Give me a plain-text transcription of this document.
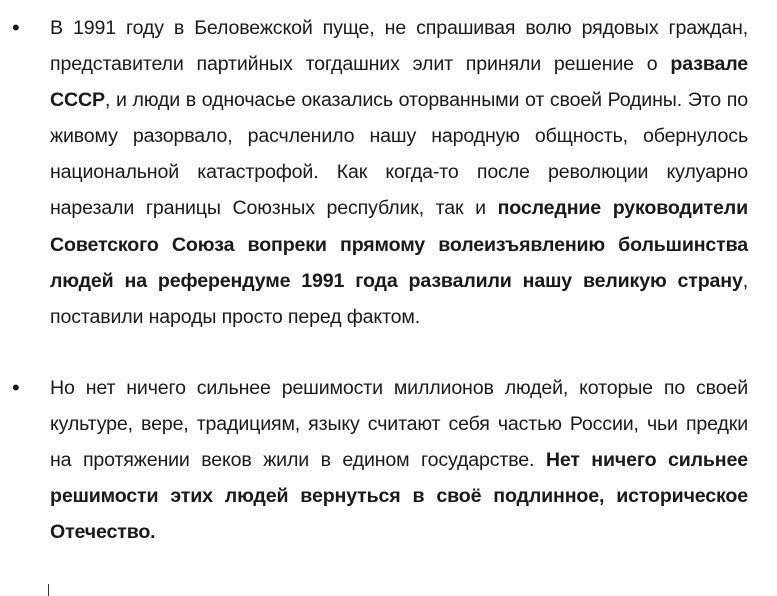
• В 1991 году в Беловежской пуще, не спрашивая волю рядовых граждан, представители партийных тогдашних элит приняли решение о развале СССР, и люди в одночасье оказались оторванными от своей Родины. Это по живому разорвало, расчленило нашу народную общность, обернулось национальной катастрофой. Как когда-то после революции кулуарно нарезали границы Союзных республик, так и последние руководители Советского Союза вопреки прямому волеизъявлению большинства людей на референдуме 1991 года развалили нашу великую страну, поставили народы просто перед фактом.

• Но нет ничего сильнее решимости миллионов людей, которые по своей культуре, вере, традициям, языку считают себя частью России, чьи предки на протяжении веков жили в едином государстве. Нет ничего сильнее решимости этих людей вернуться в своё подлинное, историческое Отечество.
